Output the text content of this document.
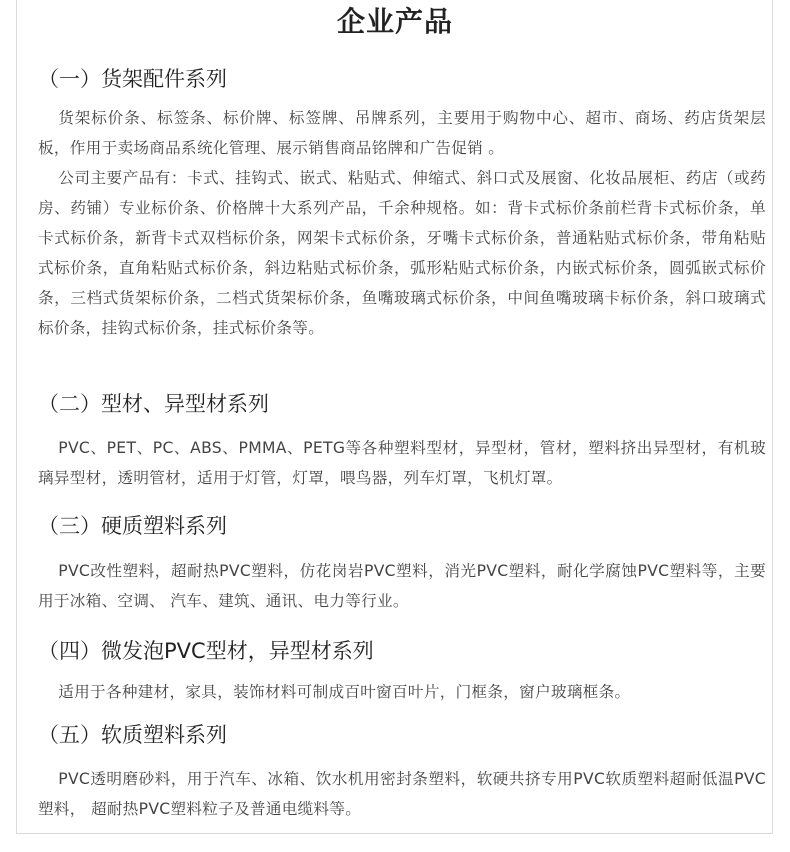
企业产品
（一）货架配件系列

货架标价条、标签条、标价牌、标签牌、吊牌系列，主要用于购物中心、超市、商场、药店货架层板，作用于卖场商品系统化管理、展示销售商品铭牌和广告促销 。

公司主要产品有：卡式、挂钩式、嵌式、粘贴式、伸缩式、斜口式及展窗、化妆品展柜、药店（或药房、药铺）专业标价条、价格牌十大系列产品，千余种规格。如：背卡式标价条前栏背卡式标价条，单卡式标价条，新背卡式双档标价条，网架卡式标价条，牙嘴卡式标价条，普通粘贴式标价条，带角粘贴式标价条，直角粘贴式标价条，斜边粘贴式标价条，弧形粘贴式标价条，内嵌式标价条，圆弧嵌式标价条，三档式货架标价条，二档式货架标价条，鱼嘴玻璃式标价条，中间鱼嘴玻璃卡标价条，斜口玻璃式标价条，挂钩式标价条，挂式标价条等。

（二）型材、异型材系列

PVC、PET、PC、ABS、PMMA、PETG等各种塑料型材，异型材，管材，塑料挤出异型材，有机玻璃异型材，透明管材，适用于灯管，灯罩，喂鸟器，列车灯罩，飞机灯罩。

（三）硬质塑料系列

PVC改性塑料，超耐热PVC塑料，仿花岗岩PVC塑料，消光PVC塑料，耐化学腐蚀PVC塑料等，主要用于冰箱、空调、 汽车、建筑、通讯、电力等行业。

（四）微发泡PVC型材，异型材系列

适用于各种建材，家具，装饰材料可制成百叶窗百叶片，门框条，窗户玻璃框条。

（五）软质塑料系列

PVC透明磨砂料，用于汽车、冰箱、饮水机用密封条塑料，软硬共挤专用PVC软质塑料超耐低温PVC塑料， 超耐热PVC塑料粒子及普通电缆料等。
